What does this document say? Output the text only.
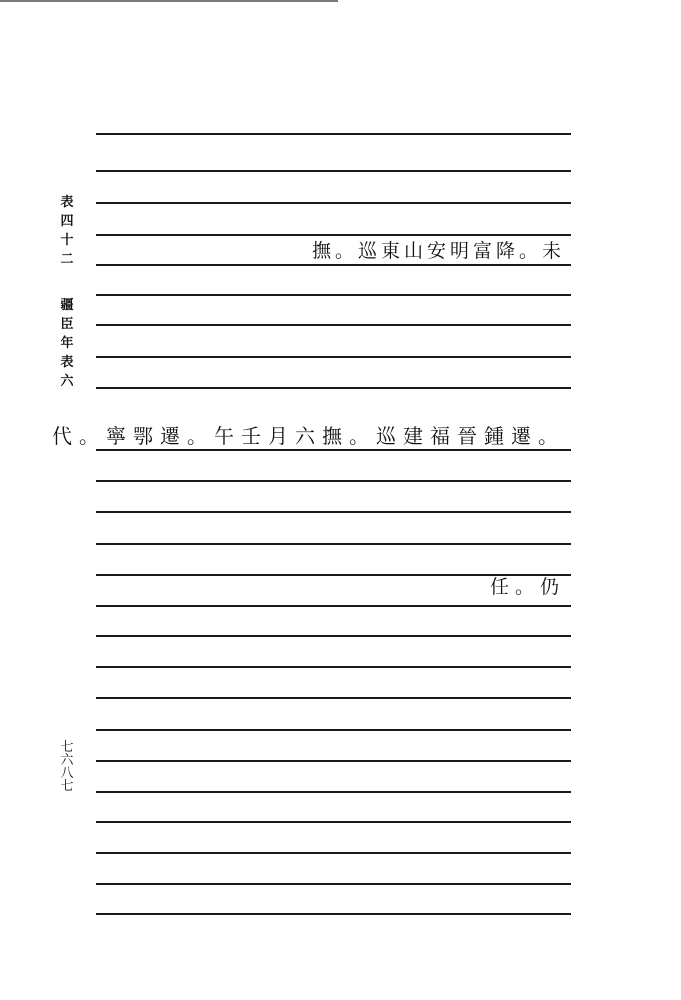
表
四
十
二
疆
臣
年
表
六
七
六
八
七
撫。巡東山安明富降。未
代。寧鄂遷。午壬月六撫。巡建福晉鍾遷。
任。仍
